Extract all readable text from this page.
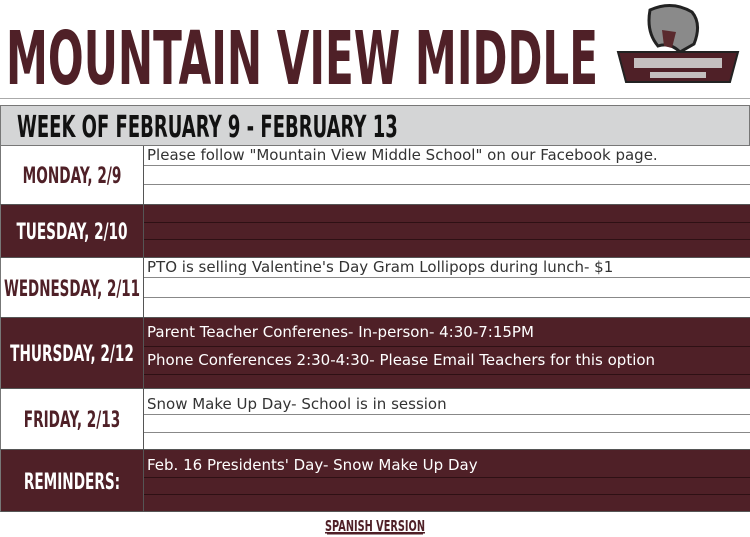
MOUNTAIN VIEW MIDDLE
WEEK OF FEBRUARY 9 - FEBRUARY 13
MONDAY, 2/9
Please follow "Mountain View Middle School" on our Facebook page.
TUESDAY, 2/10
WEDNESDAY, 2/11
PTO is selling Valentine's Day Gram Lollipops during lunch- $1
THURSDAY, 2/12
Parent Teacher Conferenes- In-person- 4:30-7:15PM
Phone Conferences 2:30-4:30- Please Email Teachers for this option
FRIDAY, 2/13
Snow Make Up Day- School is in session
REMINDERS:
Feb. 16 Presidents' Day- Snow Make Up Day
SPANISH VERSION
